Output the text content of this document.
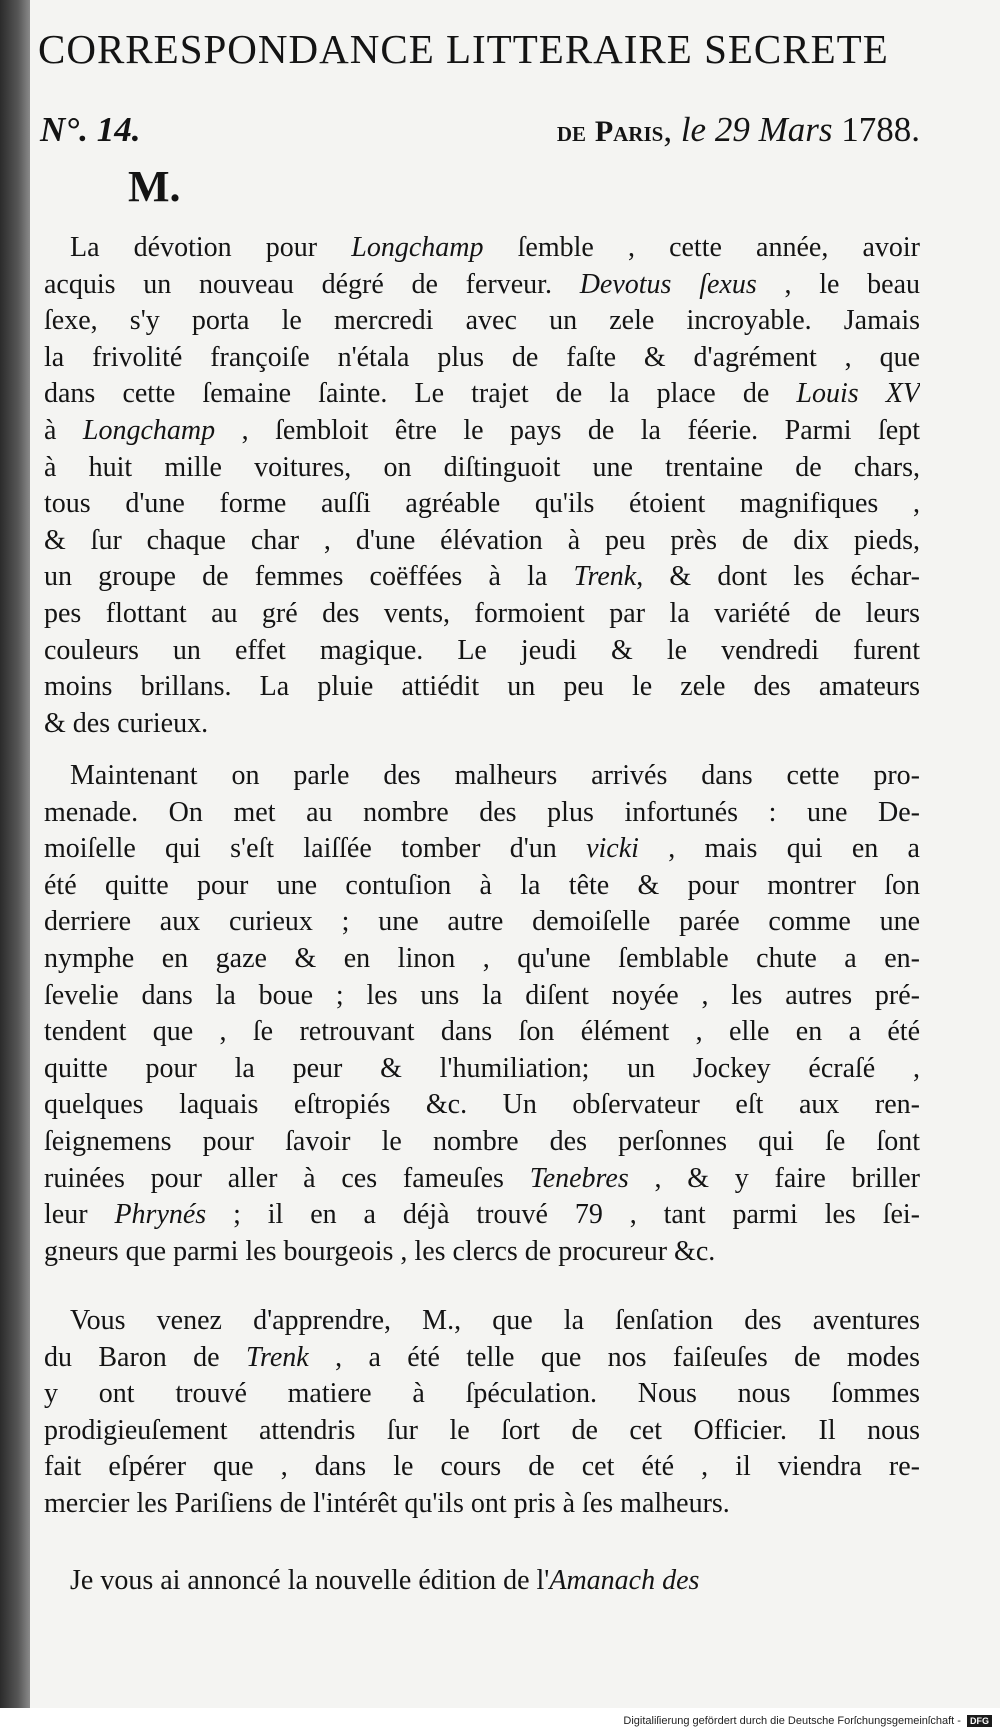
CORRESPONDANCE LITTERAIRE SECRETE
N°. 14.	de Paris, le 29 Mars 1788.
M.
La dévotion pour Longchamp ſemble , cette année, avoir
acquis un nouveau dégré de ferveur. Devotus ſexus , le beau
ſexe, s'y porta le mercredi avec un zele incroyable. Jamais
la frivolité françoiſe n'étala plus de faſte & d'agrément , que
dans cette ſemaine ſainte. Le trajet de la place de Louis XV
à Longchamp , ſembloit être le pays de la féerie. Parmi ſept
à huit mille voitures, on diſtinguoit une trentaine de chars,
tous d'une forme auſſi agréable qu'ils étoient magnifiques ,
& ſur chaque char , d'une élévation à peu près de dix pieds,
un groupe de femmes coëffées à la Trenk, & dont les échar-
pes flottant au gré des vents, formoient par la variété de leurs
couleurs un effet magique. Le jeudi & le vendredi furent
moins brillans. La pluie attiédit un peu le zele des amateurs
& des curieux.
Maintenant on parle des malheurs arrivés dans cette pro-
menade. On met au nombre des plus infortunés : une De-
moiſelle qui s'eſt laiſſée tomber d'un vicki , mais qui en a
été quitte pour une contuſion à la tête & pour montrer ſon
derriere aux curieux ; une autre demoiſelle parée comme une
nymphe en gaze & en linon , qu'une ſemblable chute a en-
ſevelie dans la boue ; les uns la diſent noyée , les autres pré-
tendent que , ſe retrouvant dans ſon élément , elle en a été
quitte pour la peur & l'humiliation; un Jockey écraſé ,
quelques laquais eſtropiés &c. Un obſervateur eſt aux ren-
ſeignemens pour ſavoir le nombre des perſonnes qui ſe ſont
ruinées pour aller à ces fameuſes Tenebres , & y faire briller
leur Phrynés ; il en a déjà trouvé 79 , tant parmi les ſei-
gneurs que parmi les bourgeois , les clercs de procureur &c.
Vous venez d'apprendre, M., que la ſenſation des aventures
du Baron de Trenk , a été telle que nos faiſeuſes de modes
y ont trouvé matiere à ſpéculation. Nous nous ſommes
prodigieuſement attendris ſur le ſort de cet Officier. Il nous
fait eſpérer que , dans le cours de cet été , il viendra re-
mercier les Pariſiens de l'intérêt qu'ils ont pris à ſes malheurs.
Je vous ai annoncé la nouvelle édition de l'Amanach des
Digitaliſierung gefördert durch die Deutsche Forſchungsgemeinſchaft - DFG
